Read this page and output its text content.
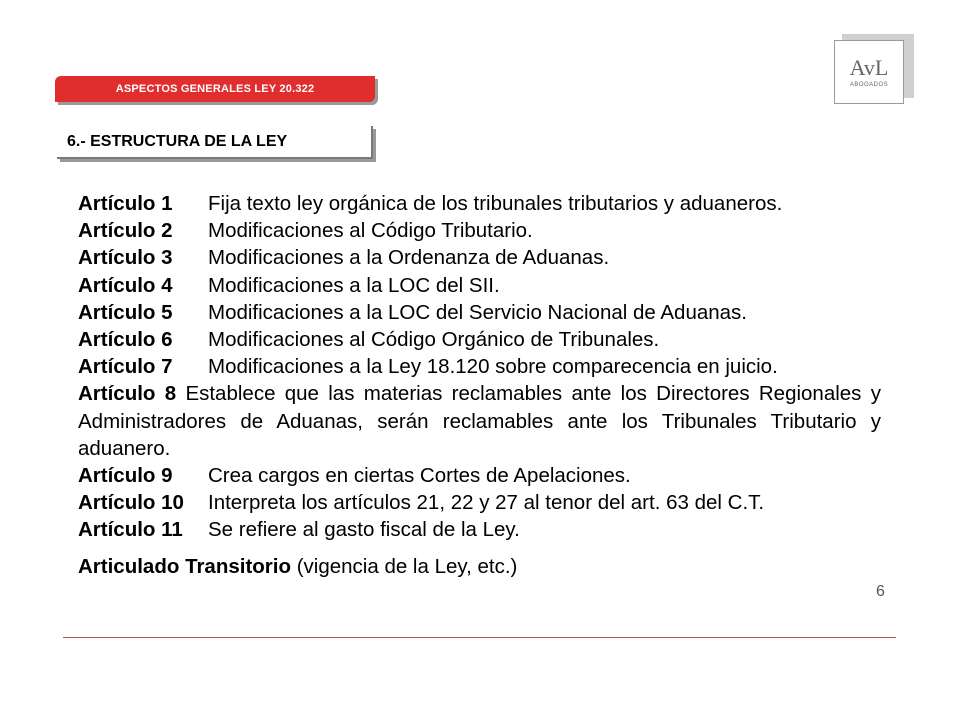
ASPECTOS GENERALES LEY 20.322
6.- ESTRUCTURA DE LA LEY
AvL
ABOGADOS
Artículo 1	Fija texto ley orgánica de los tribunales tributarios y aduaneros.
Artículo 2	Modificaciones al Código Tributario.
Artículo 3	Modificaciones a la Ordenanza de Aduanas.
Artículo 4	Modificaciones a la LOC del SII.
Artículo 5	Modificaciones a la LOC del Servicio Nacional de Aduanas.
Artículo 6	Modificaciones al Código Orgánico de Tribunales.
Artículo 7	Modificaciones a la Ley 18.120 sobre comparecencia en juicio.
Artículo 8 Establece que las materias reclamables ante los Directores Regionales y Administradores de Aduanas, serán reclamables ante los Tribunales Tributario y aduanero.
Artículo 9	Crea cargos en ciertas Cortes de Apelaciones.
Artículo 10	Interpreta los artículos 21, 22 y 27 al tenor del art. 63 del C.T.
Artículo 11	Se refiere al gasto fiscal de la Ley.
Articulado Transitorio (vigencia de la Ley, etc.)
6
